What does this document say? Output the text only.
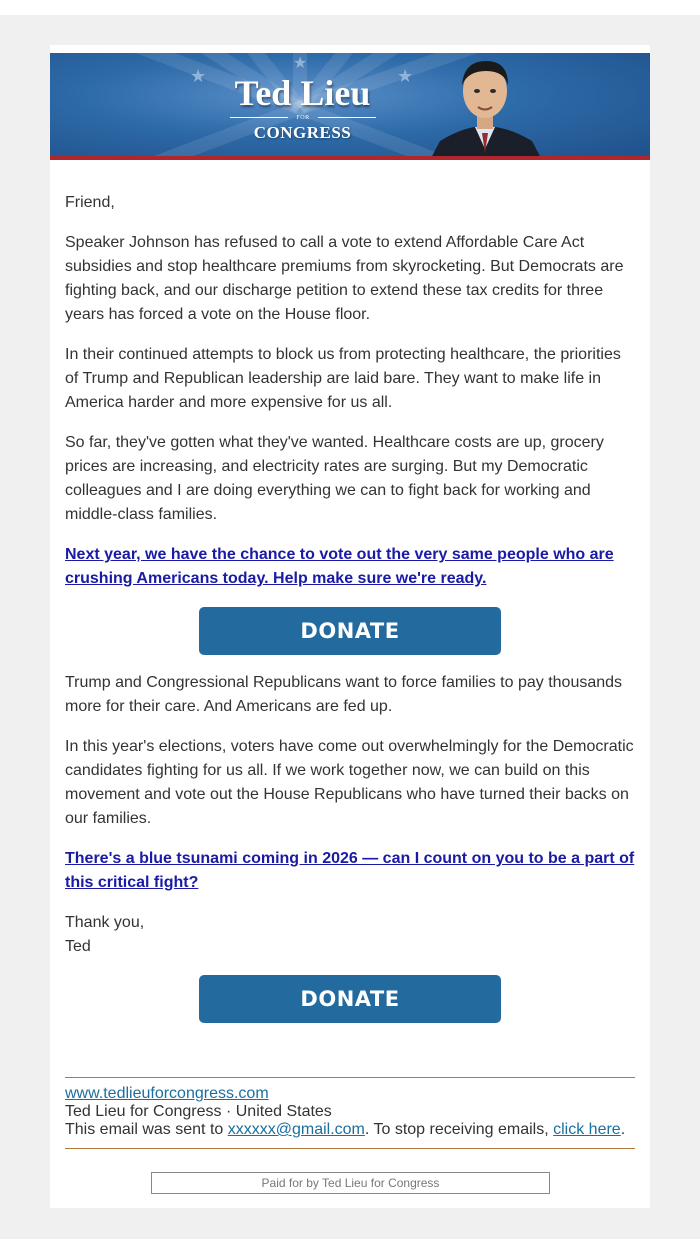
★
★
★
Ted Lieu
FOR
CONGRESS
Friend,
Speaker Johnson has refused to call a vote to extend Affordable Care Act subsidies and stop healthcare premiums from skyrocketing. But Democrats are fighting back, and our discharge petition to extend these tax credits for three years has forced a vote on the House floor.
In their continued attempts to block us from protecting healthcare, the priorities of Trump and Republican leadership are laid bare. They want to make life in America harder and more expensive for us all.
So far, they've gotten what they've wanted. Healthcare costs are up, grocery prices are increasing, and electricity rates are surging. But my Democratic colleagues and I are doing everything we can to fight back for working and middle-class families.
Next year, we have the chance to vote out the very same people who are crushing Americans today. Help make sure we're ready.
DONATE
Trump and Congressional Republicans want to force families to pay thousands more for their care. And Americans are fed up.
In this year's elections, voters have come out overwhelmingly for the Democratic candidates fighting for us all. If we work together now, we can build on this movement and vote out the House Republicans who have turned their backs on our families.
There's a blue tsunami coming in 2026 — can I count on you to be a part of this critical fight?
Thank you,
Ted
DONATE
www.tedlieuforcongress.com
Ted Lieu for Congress · United States
This email was sent to xxxxxx@gmail.com. To stop receiving emails, click here.
Paid for by Ted Lieu for Congress
